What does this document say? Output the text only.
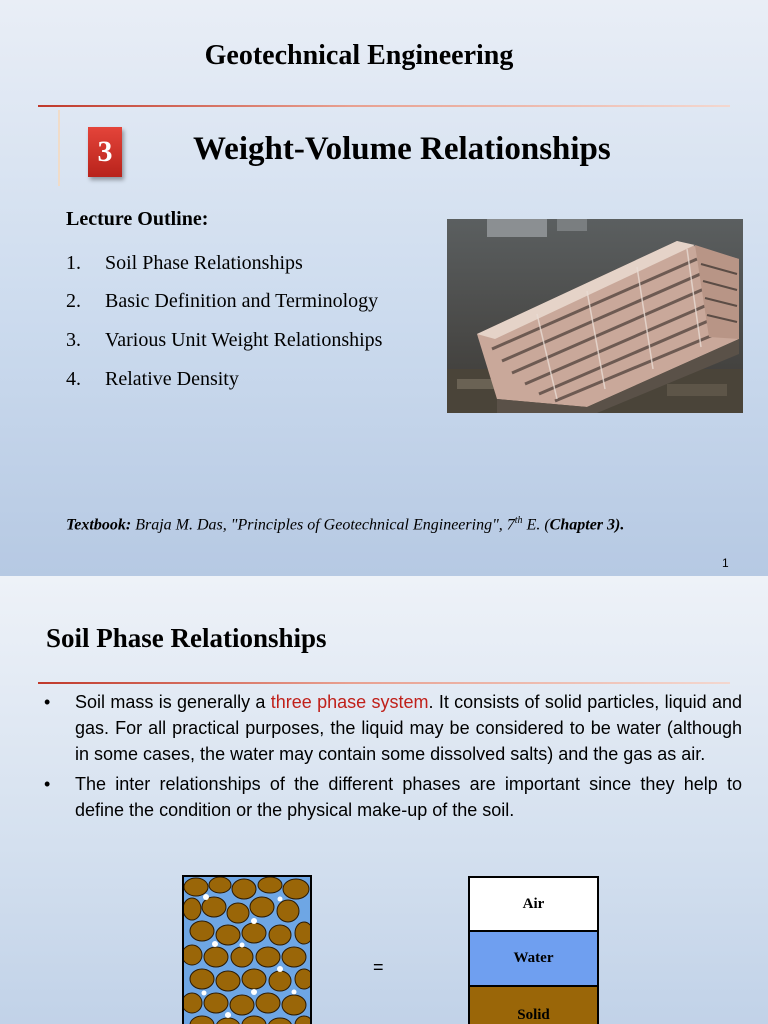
Geotechnical Engineering
3 Weight-Volume Relationships
Lecture Outline:
1. Soil Phase Relationships
2. Basic Definition and Terminology
3. Various Unit Weight Relationships
4. Relative Density
Textbook: Braja M. Das, "Principles of Geotechnical Engineering", 7th E. (Chapter 3).
1
Soil Phase Relationships
• Soil mass is generally a three phase system. It consists of solid particles, liquid and gas. For all practical purposes, the liquid may be considered to be water (although in some cases, the water may contain some dissolved salts) and the gas as air.
• The inter relationships of the different phases are important since they help to define the condition or the physical make-up of the soil.
=
Air
Water
Solid
